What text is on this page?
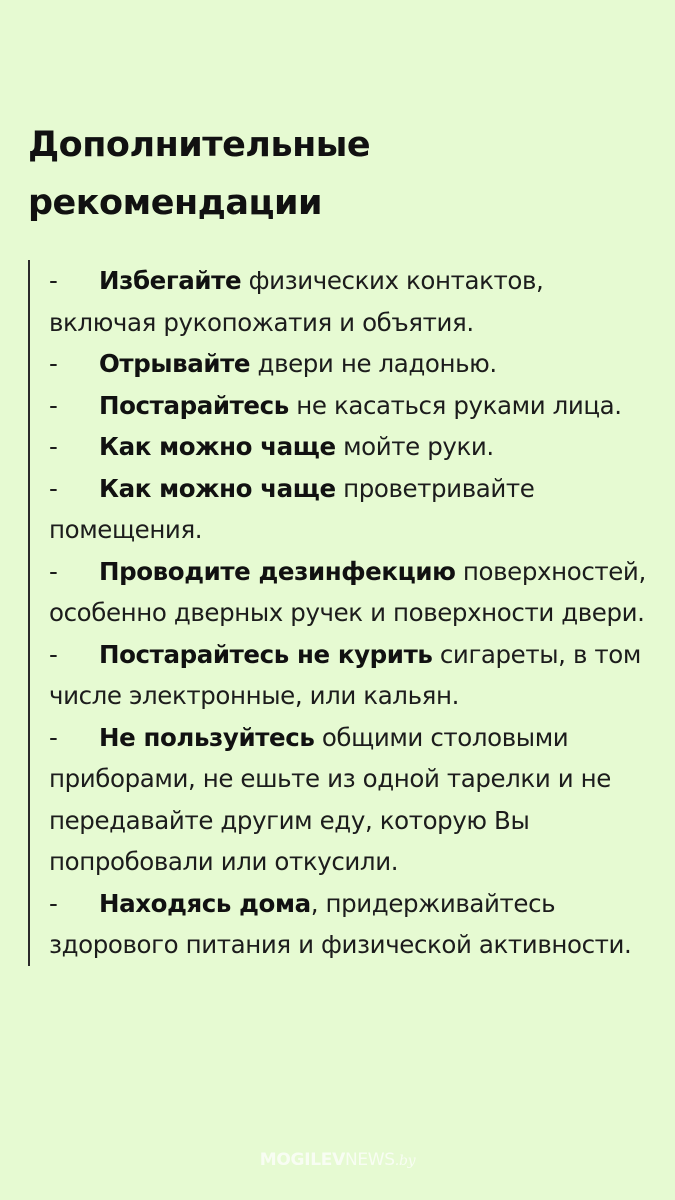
Дополнительные
рекомендации

- Избегайте физических контактов, включая рукопожатия и объятия.

- Отрывайте двери не ладонью.

- Постарайтесь не касаться руками лица.

- Как можно чаще мойте руки.

- Как можно чаще проветривайте помещения.

- Проводите дезинфекцию поверхностей, особенно дверных ручек и поверхности двери.

- Постарайтесь не курить сигареты, в том числе электронные, или кальян.

- Не пользуйтесь общими столовыми приборами, не ешьте из одной тарелки и не передавайте другим еду, которую Вы попробовали или откусили.

- Находясь дома, придерживайтесь здорового питания и физической активности.

MOGILEVNEWS.by
